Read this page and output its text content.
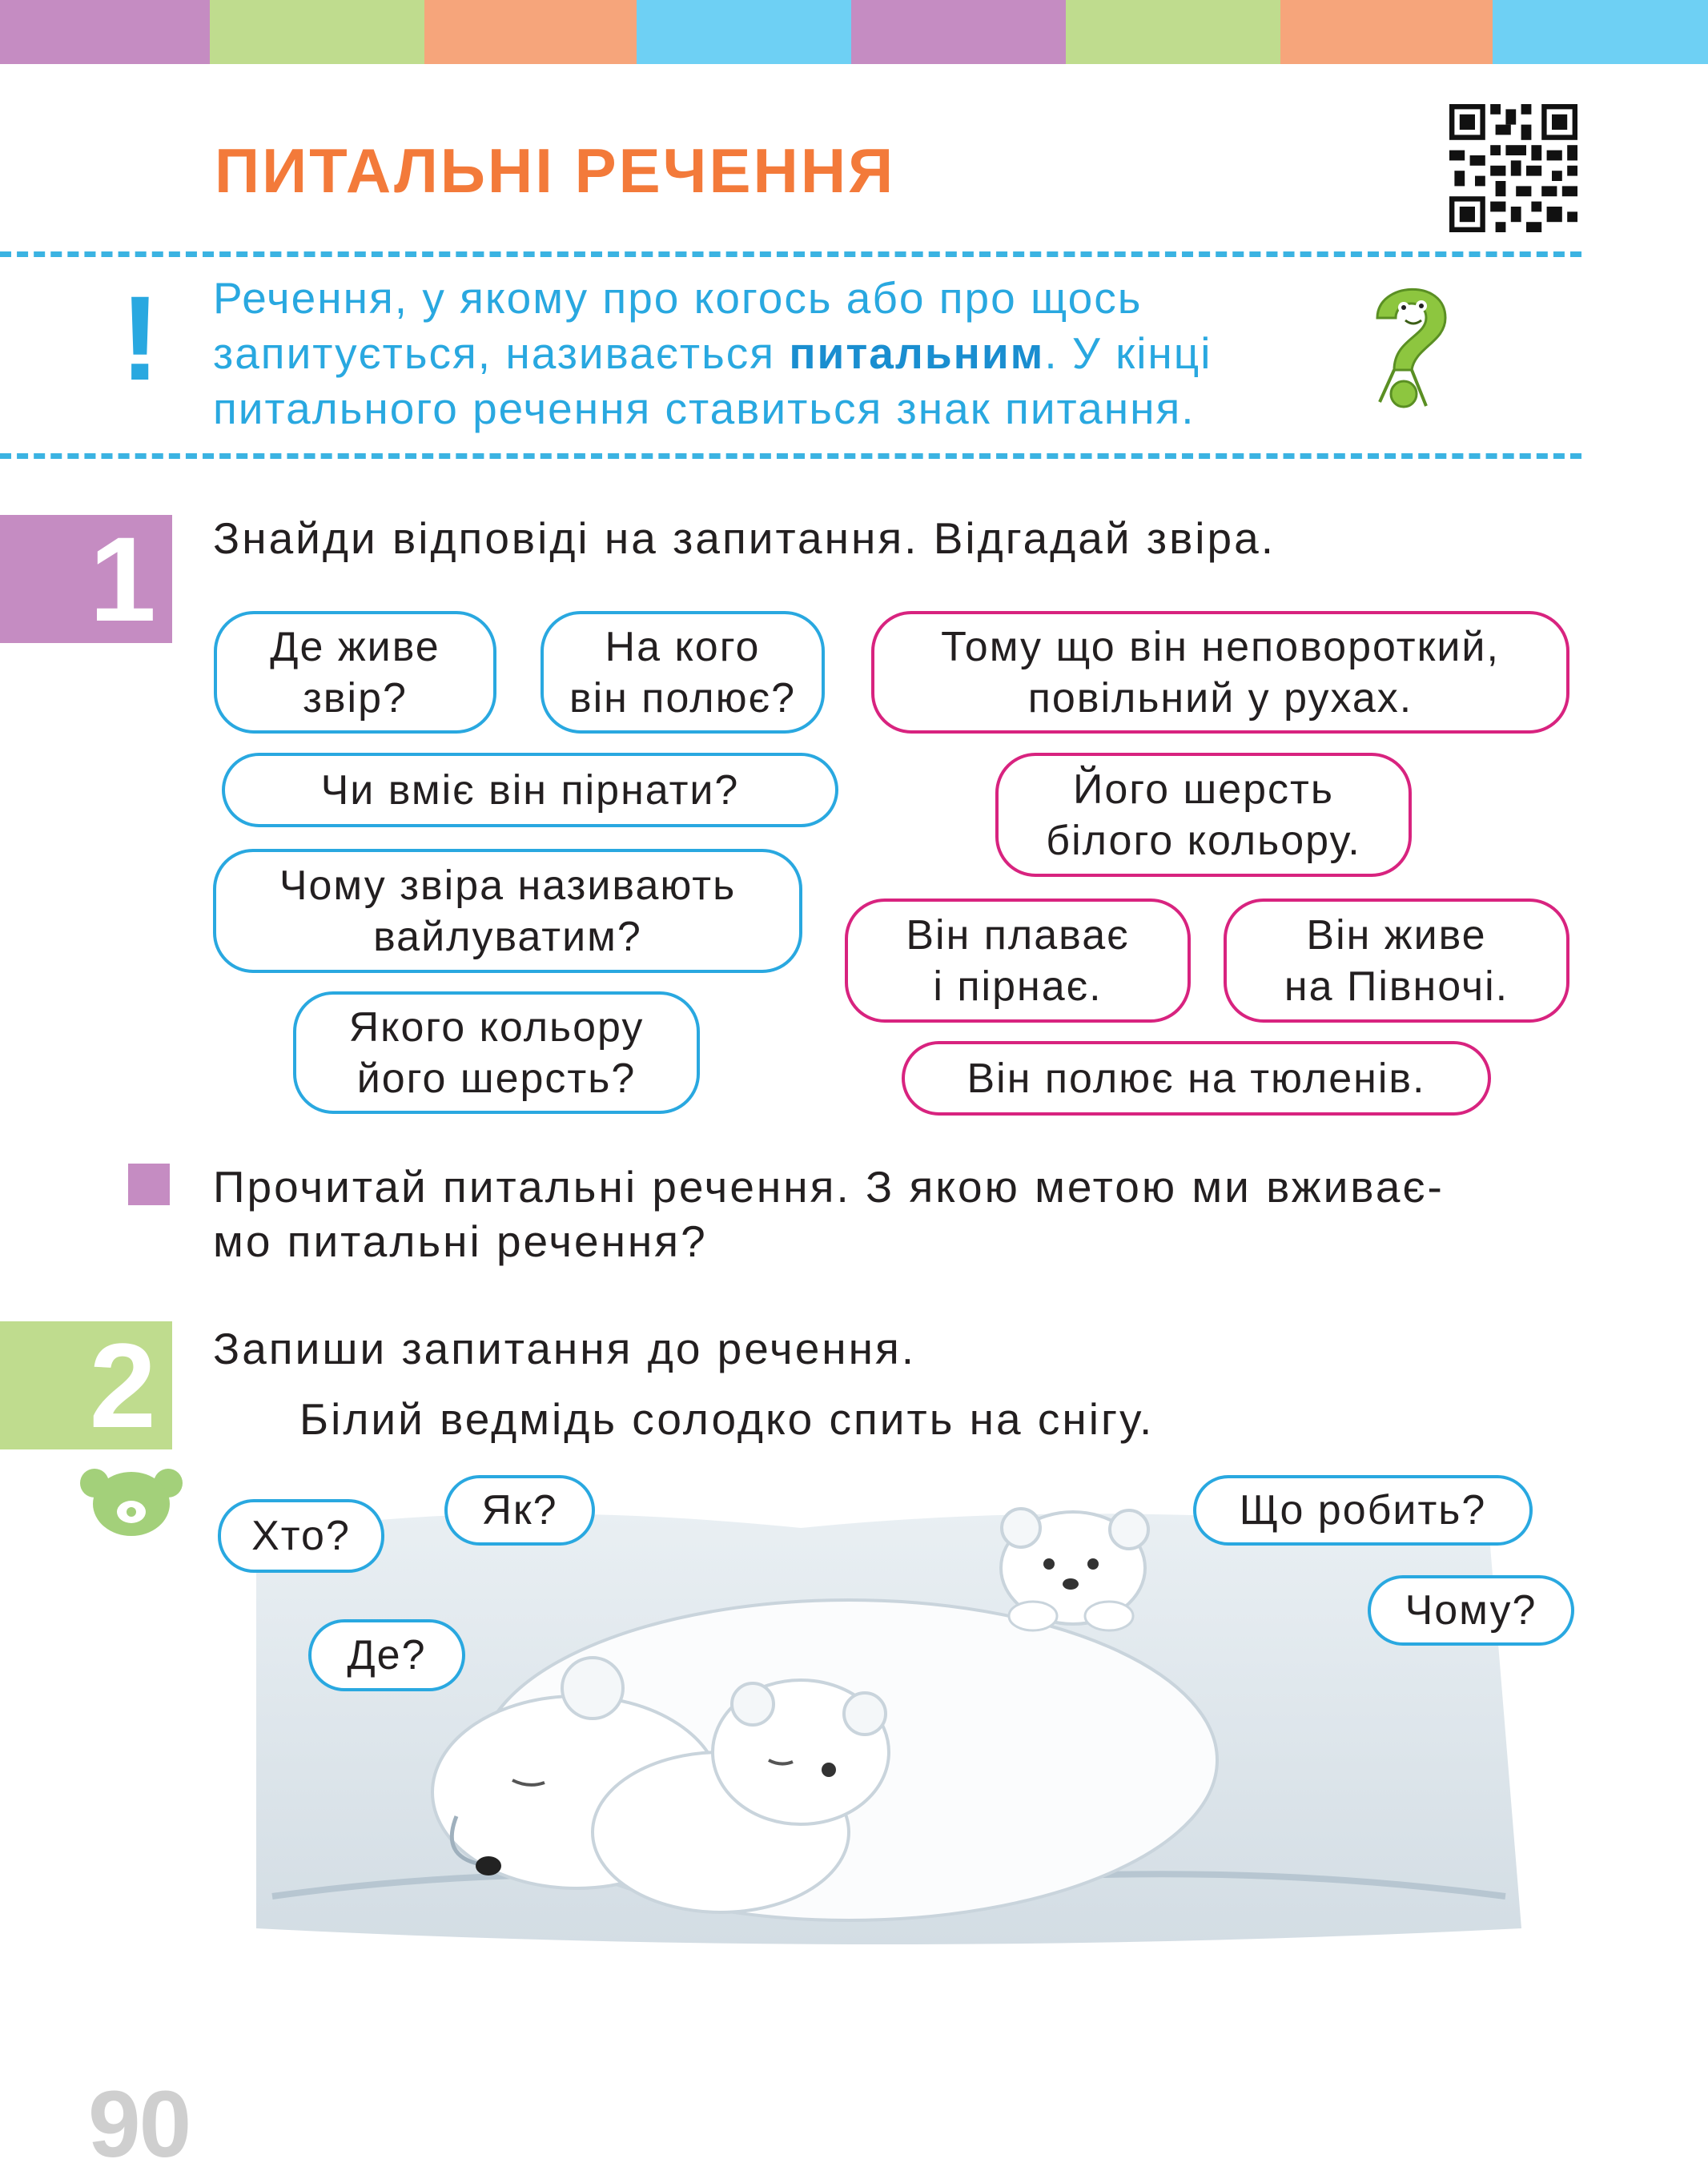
ПИТАЛЬНІ РЕЧЕННЯ
! Речення, у якому про когось або про щось запитується, називається питальним. У кінці питального речення ставиться знак питання.

1	Знайди відповіді на запитання. Відгадай звіра.

Де живе
звір?
На кого
він полює?
Чи вміє він пірнати?
Чому звіра називають
вайлуватим?
Якого кольору
його шерсть?
Тому що він неповороткий,
повільний у рухах.
Його шерсть
білого кольору.
Він плаває
і пірнає.
Він живе
на Півночі.
Він полює на тюленів.

Прочитай питальні речення. З якою метою ми вживає-
мо питальні речення?

2	Запиши запитання до речення.

Білий ведмідь солодко спить на снігу.

Хто?
Як?
Де?
Що робить?
Чому?
90
